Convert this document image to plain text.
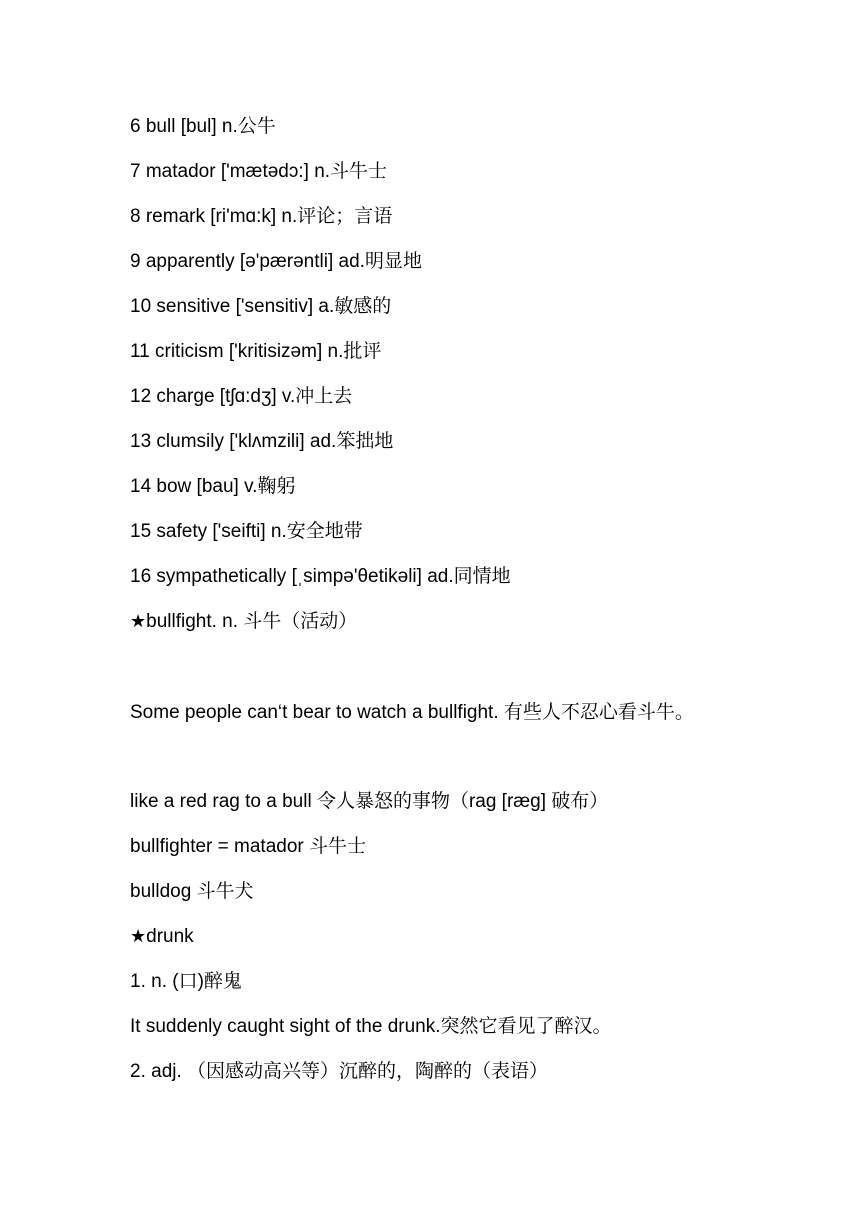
6 bull [bul] n.公牛
7 matador ['mætədɔ:] n.斗牛士
8 remark [ri'mɑ:k] n.评论；言语
9 apparently [ə'pærəntli] ad.明显地
10 sensitive ['sensitiv] a.敏感的
11 criticism ['kritisizəm] n.批评
12 charge [tʃɑ:dʒ] v.冲上去
13 clumsily ['klʌmzili] ad.笨拙地
14 bow [bau] v.鞠躬
15 safety ['seifti] n.安全地带
16 sympathetically [ˌsimpə'θetikəli] ad.同情地
★bullfight. n. 斗牛（活动）
Some people can‘t bear to watch a bullfight. 有些人不忍心看斗牛。
like a red rag to a bull 令人暴怒的事物（rag [ræg] 破布）
bullfighter = matador 斗牛士
bulldog 斗牛犬
★drunk
1. n. (口)醉鬼
It suddenly caught sight of the drunk.突然它看见了醉汉。
2. adj. （因感动高兴等）沉醉的，陶醉的（表语）
